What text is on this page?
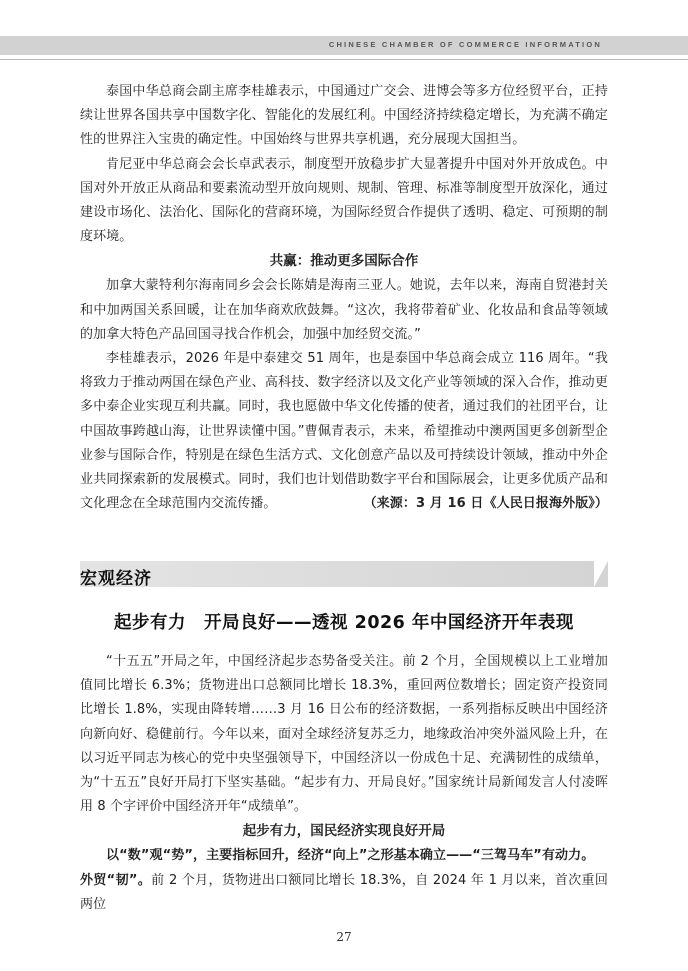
CHINESE CHAMBER OF COMMERCE INFORMATION

泰国中华总商会副主席李桂雄表示，中国通过广交会、进博会等多方位经贸平台，正持续让世界各国共享中国数字化、智能化的发展红利。中国经济持续稳定增长，为充满不确定性的世界注入宝贵的确定性。中国始终与世界共享机遇，充分展现大国担当。

肯尼亚中华总商会会长卓武表示，制度型开放稳步扩大显著提升中国对外开放成色。中国对外开放正从商品和要素流动型开放向规则、规制、管理、标准等制度型开放深化，通过建设市场化、法治化、国际化的营商环境，为国际经贸合作提供了透明、稳定、可预期的制度环境。

共赢：推动更多国际合作

加拿大蒙特利尔海南同乡会会长陈婧是海南三亚人。她说，去年以来，海南自贸港封关和中加两国关系回暖，让在加华商欢欣鼓舞。“这次，我将带着矿业、化妆品和食品等领域的加拿大特色产品回国寻找合作机会，加强中加经贸交流。”

李桂雄表示，2026 年是中泰建交 51 周年，也是泰国中华总商会成立 116 周年。“我将致力于推动两国在绿色产业、高科技、数字经济以及文化产业等领域的深入合作，推动更多中泰企业实现互利共赢。同时，我也愿做中华文化传播的使者，通过我们的社团平台，让中国故事跨越山海，让世界读懂中国。”曹佩青表示，未来，希望推动中澳两国更多创新型企业参与国际合作，特别是在绿色生活方式、文化创意产品以及可持续设计领域，推动中外企业共同探索新的发展模式。同时，我们也计划借助数字平台和国际展会，让更多优质产品和文化理念在全球范围内交流传播。	（来源：3 月 16 日《人民日报海外版》）

宏观经济
起步有力　开局良好——透视 2026 年中国经济开年表现

“十五五”开局之年，中国经济起步态势备受关注。前 2 个月，全国规模以上工业增加值同比增长 6.3%；货物进出口总额同比增长 18.3%，重回两位数增长；固定资产投资同比增长 1.8%，实现由降转增……3 月 16 日公布的经济数据，一系列指标反映出中国经济向新向好、稳健前行。今年以来，面对全球经济复苏乏力，地缘政治冲突外溢风险上升，在以习近平同志为核心的党中央坚强领导下，中国经济以一份成色十足、充满韧性的成绩单，为“十五五”良好开局打下坚实基础。“起步有力、开局良好。”国家统计局新闻发言人付凌晖用 8 个字评价中国经济开年“成绩单”。

起步有力，国民经济实现良好开局

以“数”观“势”，主要指标回升，经济“向上”之形基本确立——“三驾马车”有动力。

外贸“韧”。前 2 个月，货物进出口额同比增长 18.3%，自 2024 年 1 月以来，首次重回两位

27
